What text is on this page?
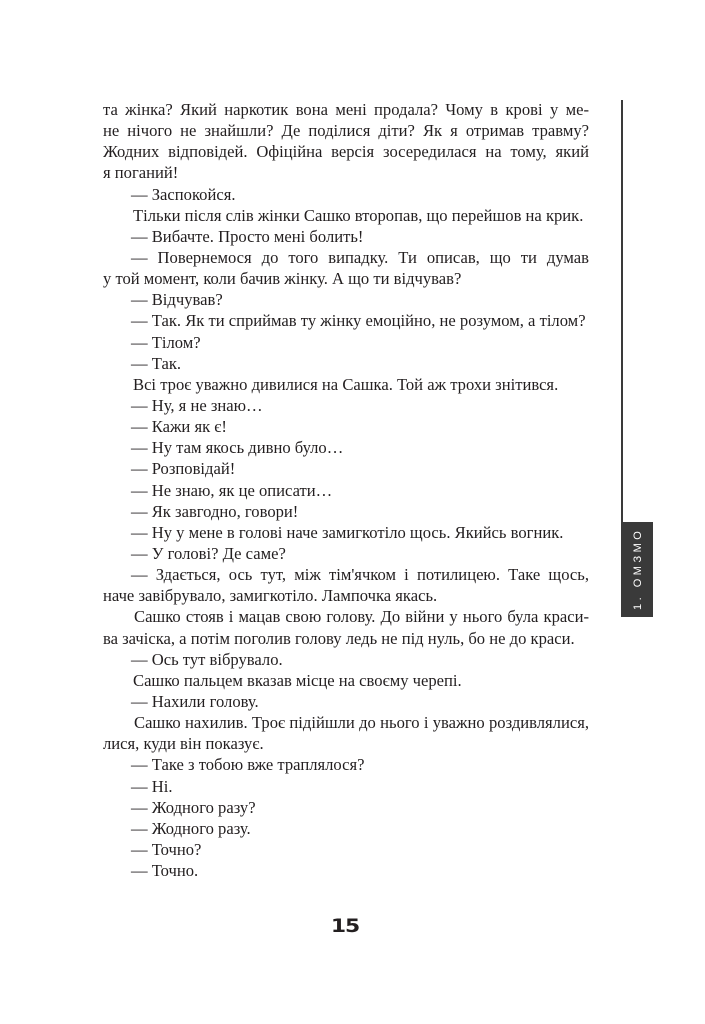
та жінка? Який наркотик вона мені продала? Чому в крові у ме-
не нічого не знайшли? Де поділися діти? Як я отримав травму?
Жодних відповідей. Офіційна версія зосередилася на тому, який
я поганий!
— Заспокойся.
Тільки після слів жінки Сашко второпав, що перейшов на крик.
— Вибачте. Просто мені болить!
— Повернемося до того випадку. Ти описав, що ти думав
у той момент, коли бачив жінку. А що ти відчував?
— Відчував?
— Так. Як ти сприймав ту жінку емоційно, не розумом, а тілом?
— Тілом?
— Так.
Всі троє уважно дивилися на Сашка. Той аж трохи знітився.
— Ну, я не знаю…
— Кажи як є!
— Ну там якось дивно було…
— Розповідай!
— Не знаю, як це описати…
— Як завгодно, говори!
— Ну у мене в голові наче замигкотіло щось. Якийсь вогник.
— У голові? Де саме?
— Здається, ось тут, між тім'ячком і потилицею. Таке щось,
наче завібрувало, замигкотіло. Лампочка якась.
Сашко стояв і мацав свою голову. До війни у нього була краси-
ва зачіска, а потім поголив голову ледь не під нуль, бо не до краси.
— Ось тут вібрувало.
Сашко пальцем вказав місце на своєму черепі.
— Нахили голову.
Сашко нахилив. Троє підійшли до нього і уважно роздивлялися,
лися, куди він показує.
— Таке з тобою вже траплялося?
— Ні.
— Жодного разу?
— Жодного разу.
— Точно?
— Точно.
1. ОМЗМО
15
